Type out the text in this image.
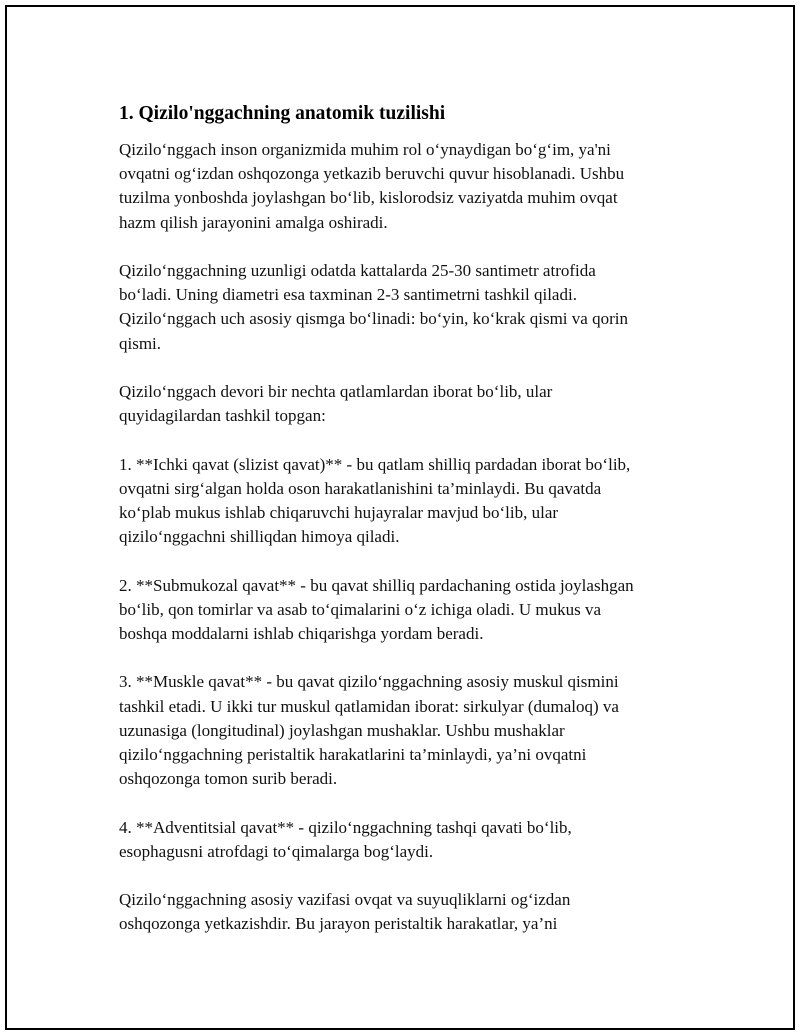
1. Qizilo'nggachning anatomik tuzilishi
Qizilo‘nggach inson organizmida muhim rol o‘ynaydigan bo‘g‘im, ya'ni
ovqatni og‘izdan oshqozonga yetkazib beruvchi quvur hisoblanadi. Ushbu
tuzilma yonboshda joylashgan bo‘lib, kislorodsiz vaziyatda muhim ovqat
hazm qilish jarayonini amalga oshiradi.
Qizilo‘nggachning uzunligi odatda kattalarda 25-30 santimetr atrofida
bo‘ladi. Uning diametri esa taxminan 2-3 santimetrni tashkil qiladi.
Qizilo‘nggach uch asosiy qismga bo‘linadi: bo‘yin, ko‘krak qismi va qorin
qismi.
Qizilo‘nggach devori bir nechta qatlamlardan iborat bo‘lib, ular
quyidagilardan tashkil topgan:
1. **Ichki qavat (slizist qavat)** - bu qatlam shilliq pardadan iborat bo‘lib,
ovqatni sirg‘algan holda oson harakatlanishini ta’minlaydi. Bu qavatda
ko‘plab mukus ishlab chiqaruvchi hujayralar mavjud bo‘lib, ular
qizilo‘nggachni shilliqdan himoya qiladi.
2. **Submukozal qavat** - bu qavat shilliq pardachaning ostida joylashgan
bo‘lib, qon tomirlar va asab to‘qimalarini o‘z ichiga oladi. U mukus va
boshqa moddalarni ishlab chiqarishga yordam beradi.
3. **Muskle qavat** - bu qavat qizilo‘nggachning asosiy muskul qismini
tashkil etadi. U ikki tur muskul qatlamidan iborat: sirkulyar (dumaloq) va
uzunasiga (longitudinal) joylashgan mushaklar. Ushbu mushaklar
qizilo‘nggachning peristaltik harakatlarini ta’minlaydi, ya’ni ovqatni
oshqozonga tomon surib beradi.
4. **Adventitsial qavat** - qizilo‘nggachning tashqi qavati bo‘lib,
esophagusni atrofdagi to‘qimalarga bog‘laydi.
Qizilo‘nggachning asosiy vazifasi ovqat va suyuqliklarni og‘izdan
oshqozonga yetkazishdir. Bu jarayon peristaltik harakatlar, ya’ni
